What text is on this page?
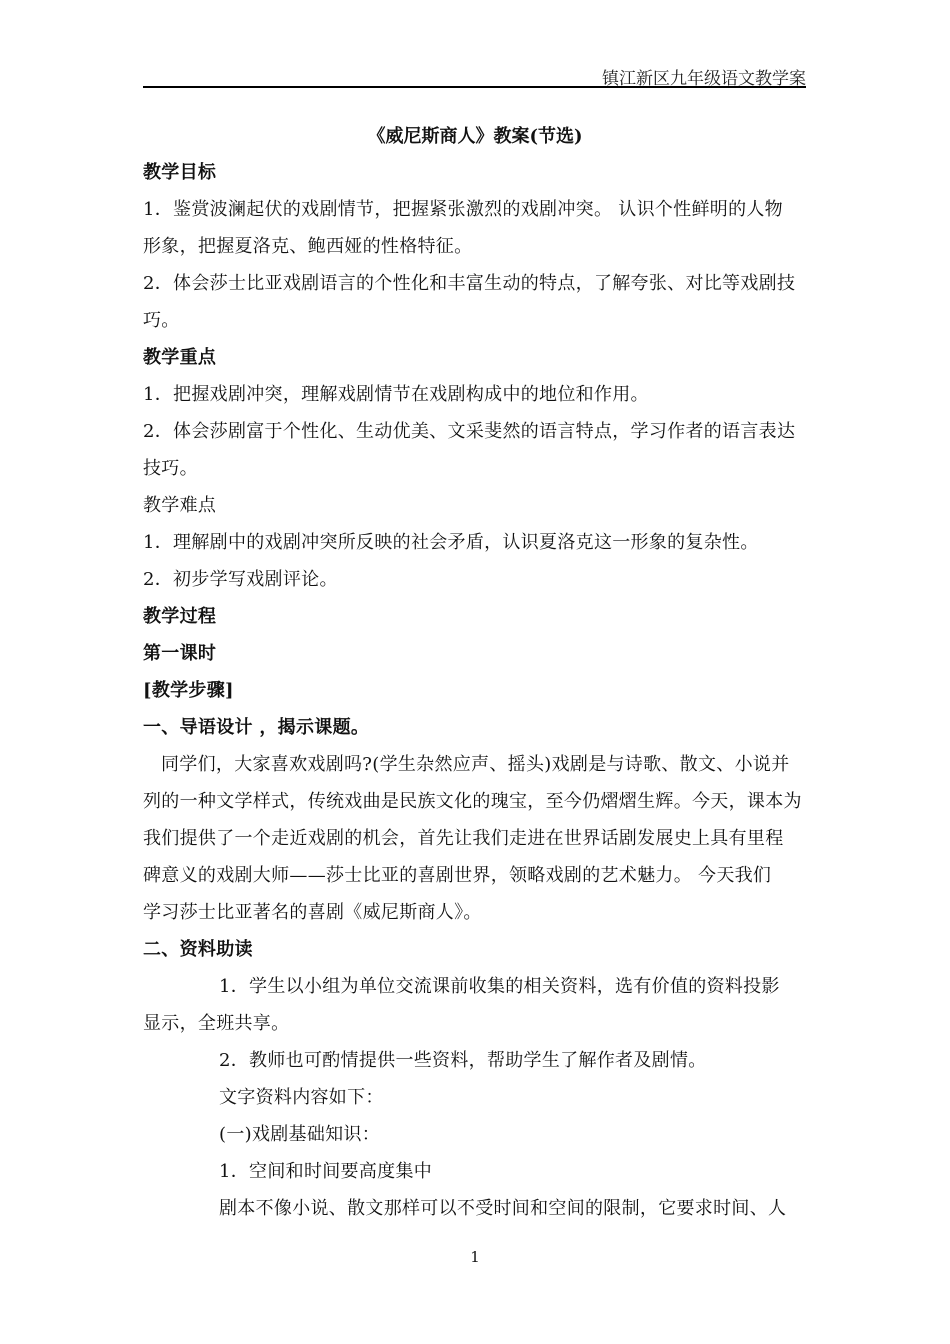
镇江新区九年级语文教学案
《威尼斯商人》教案(节选)
教学目标
1．鉴赏波澜起伏的戏剧情节，把握紧张激烈的戏剧冲突。 认识个性鲜明的人物
形象，把握夏洛克、鲍西娅的性格特征。
2．体会莎士比亚戏剧语言的个性化和丰富生动的特点，了解夸张、对比等戏剧技
巧。
教学重点
1．把握戏剧冲突，理解戏剧情节在戏剧构成中的地位和作用。
2．体会莎剧富于个性化、生动优美、文采斐然的语言特点，学习作者的语言表达
技巧。
教学难点
1．理解剧中的戏剧冲突所反映的社会矛盾，认识夏洛克这一形象的复杂性。
2．初步学写戏剧评论。
教学过程
第一课时
[教学步骤]
一、导语设计 ，揭示课题。
同学们，大家喜欢戏剧吗?(学生杂然应声、摇头)戏剧是与诗歌、散文、小说并
列的一种文学样式，传统戏曲是民族文化的瑰宝，至今仍熠熠生辉。今天，课本为
我们提供了一个走近戏剧的机会，首先让我们走进在世界话剧发展史上具有里程
碑意义的戏剧大师——莎士比亚的喜剧世界，领略戏剧的艺术魅力。 今天我们
学习莎士比亚著名的喜剧《威尼斯商人》。
二、资料助读
1．学生以小组为单位交流课前收集的相关资料，选有价值的资料投影
显示，全班共享。
2．教师也可酌情提供一些资料，帮助学生了解作者及剧情。
文字资料内容如下：
(一)戏剧基础知识：
1．空间和时间要高度集中
剧本不像小说、散文那样可以不受时间和空间的限制，它要求时间、人
1
